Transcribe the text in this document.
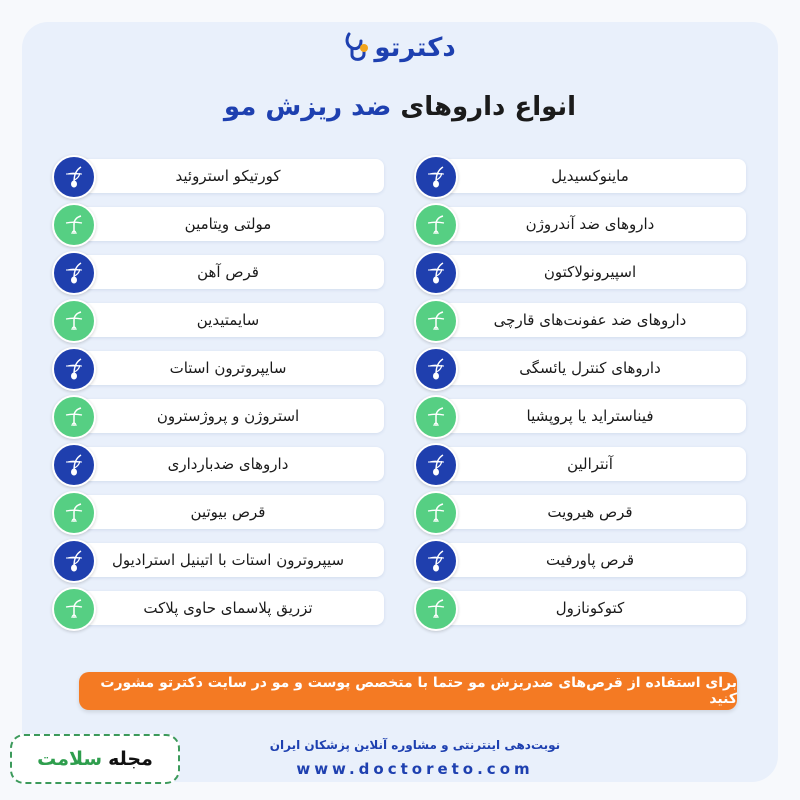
دکترتو
انواع داروهای ضد ریزش مو
ماینوکسیدیل
داروهای ضد آندروژن
اسپیرونولاکتون
داروهای ضد عفونت‌های قارچی
داروهای کنترل یائسگی
فیناستراید یا پروپشیا
آنترالین
قرص هیرویت
قرص پاورفیت
کتوکونازول
کورتیکو استروئید
مولتی ویتامین
قرص آهن
سایمتیدین
سایپروترون استات
استروژن و پروژسترون
داروهای ضدبارداری
قرص بیوتین
سیپروترون استات با اتینیل استرادیول
تزریق پلاسمای حاوی پلاکت
برای استفاده از قرص‌های ضدریزش مو حتما با متخصص پوست و مو در سایت دکترتو مشورت کنید
نوبت‌دهی اینترنتی و مشاوره آنلاین پزشکان ایران
www.doctoreto.com
مجله
سلامت
